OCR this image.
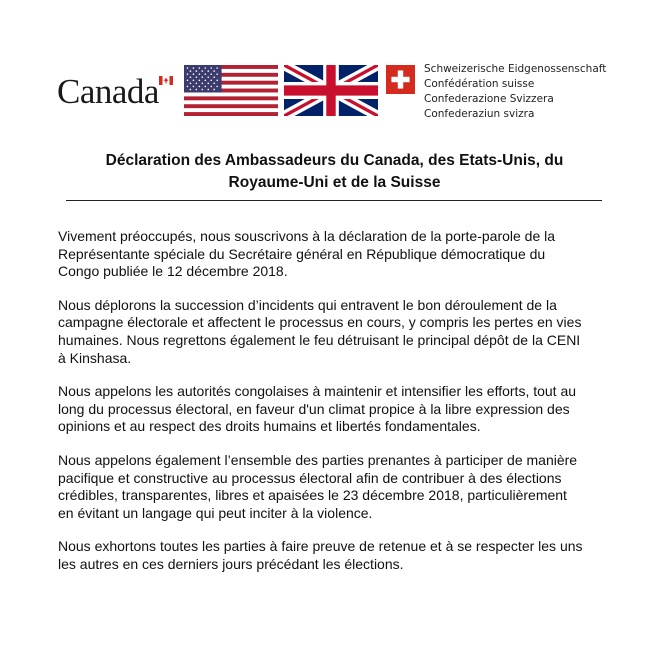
Canada
Schweizerische Eidgenossenschaft
Confédération suisse
Confederazione Svizzera
Confederaziun svizra
Déclaration des Ambassadeurs du Canada, des Etats-Unis, du
Royaume-Uni et de la Suisse

Vivement préoccupés, nous souscrivons à la déclaration de la porte-parole de la
Représentante spéciale du Secrétaire général en République démocratique du
Congo publiée le 12 décembre 2018.

Nous déplorons la succession d’incidents qui entravent le bon déroulement de la
campagne électorale et affectent le processus en cours, y compris les pertes en vies
humaines. Nous regrettons également le feu détruisant le principal dépôt de la CENI
à Kinshasa.

Nous appelons les autorités congolaises à maintenir et intensifier les efforts, tout au
long du processus électoral, en faveur d'un climat propice à la libre expression des
opinions et au respect des droits humains et libertés fondamentales.

Nous appelons également l’ensemble des parties prenantes à participer de manière
pacifique et constructive au processus électoral afin de contribuer à des élections
crédibles, transparentes, libres et apaisées le 23 décembre 2018, particulièrement
en évitant un langage qui peut inciter à la violence.

Nous exhortons toutes les parties à faire preuve de retenue et à se respecter les uns
les autres en ces derniers jours précédant les élections.
